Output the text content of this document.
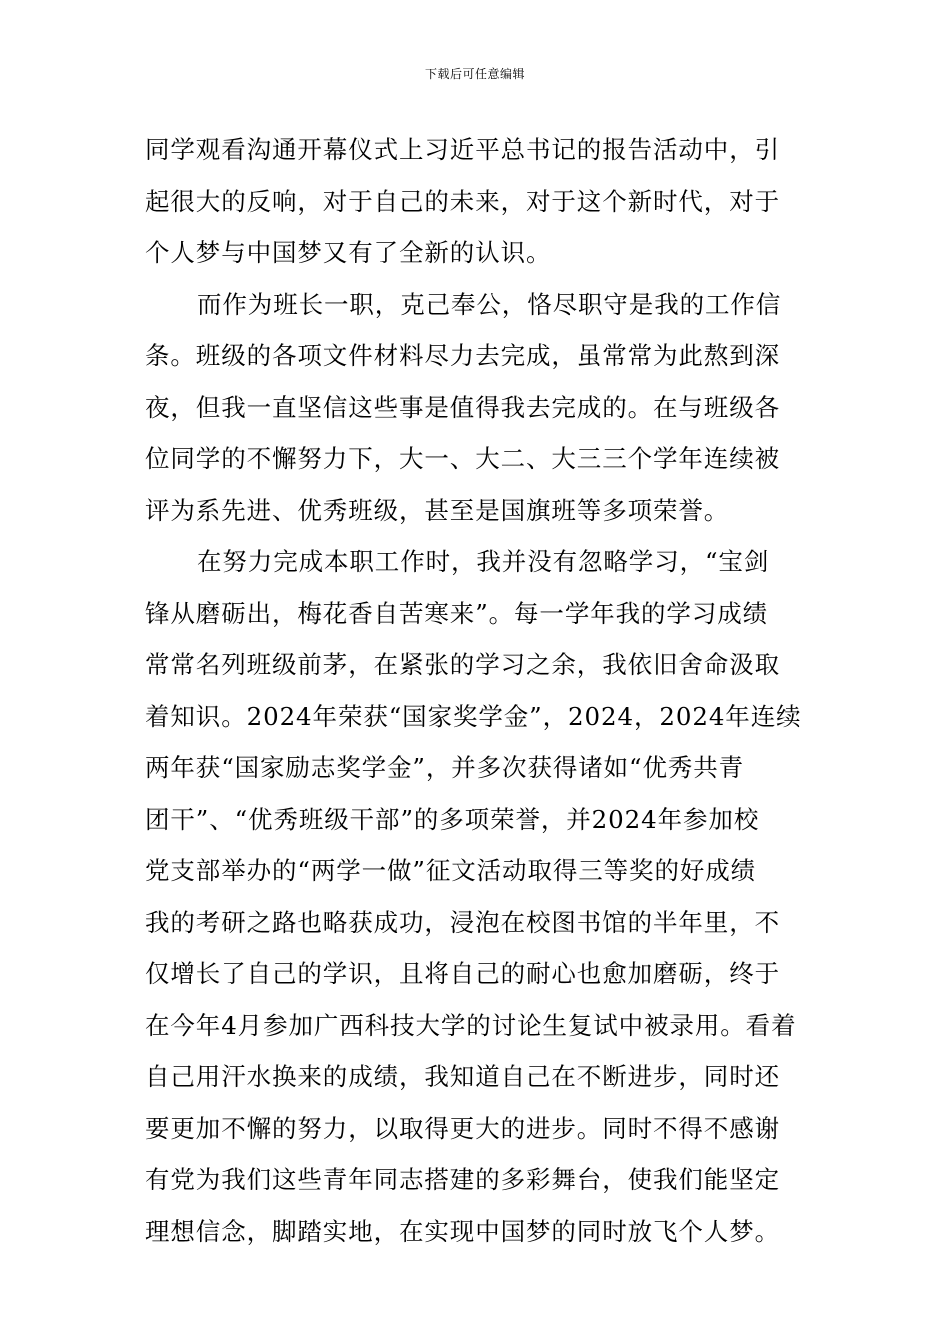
下载后可任意编辑
同学观看沟通开幕仪式上习近平总书记的报告活动中，引
起很大的反响，对于自己的未来，对于这个新时代，对于
个人梦与中国梦又有了全新的认识。
而作为班长一职，克己奉公，恪尽职守是我的工作信
条。班级的各项文件材料尽力去完成，虽常常为此熬到深
夜，但我一直坚信这些事是值得我去完成的。在与班级各
位同学的不懈努力下，大一、大二、大三三个学年连续被
评为系先进、优秀班级，甚至是国旗班等多项荣誉。
在努力完成本职工作时，我并没有忽略学习，“宝剑
锋从磨砺出，梅花香自苦寒来”。每一学年我的学习成绩
常常名列班级前茅，在紧张的学习之余，我依旧舍命汲取
着知识。2024年荣获“国家奖学金”，2024，2024年连续
两年获“国家励志奖学金”，并多次获得诸如“优秀共青
团干”、“优秀班级干部”的多项荣誉，并2024年参加校
党支部举办的“两学一做”征文活动取得三等奖的好成绩
我的考研之路也略获成功，浸泡在校图书馆的半年里，不
仅增长了自己的学识，且将自己的耐心也愈加磨砺，终于
在今年4月参加广西科技大学的讨论生复试中被录用。看着
自己用汗水换来的成绩，我知道自己在不断进步，同时还
要更加不懈的努力，以取得更大的进步。同时不得不感谢
有党为我们这些青年同志搭建的多彩舞台，使我们能坚定
理想信念，脚踏实地，在实现中国梦的同时放飞个人梦。
